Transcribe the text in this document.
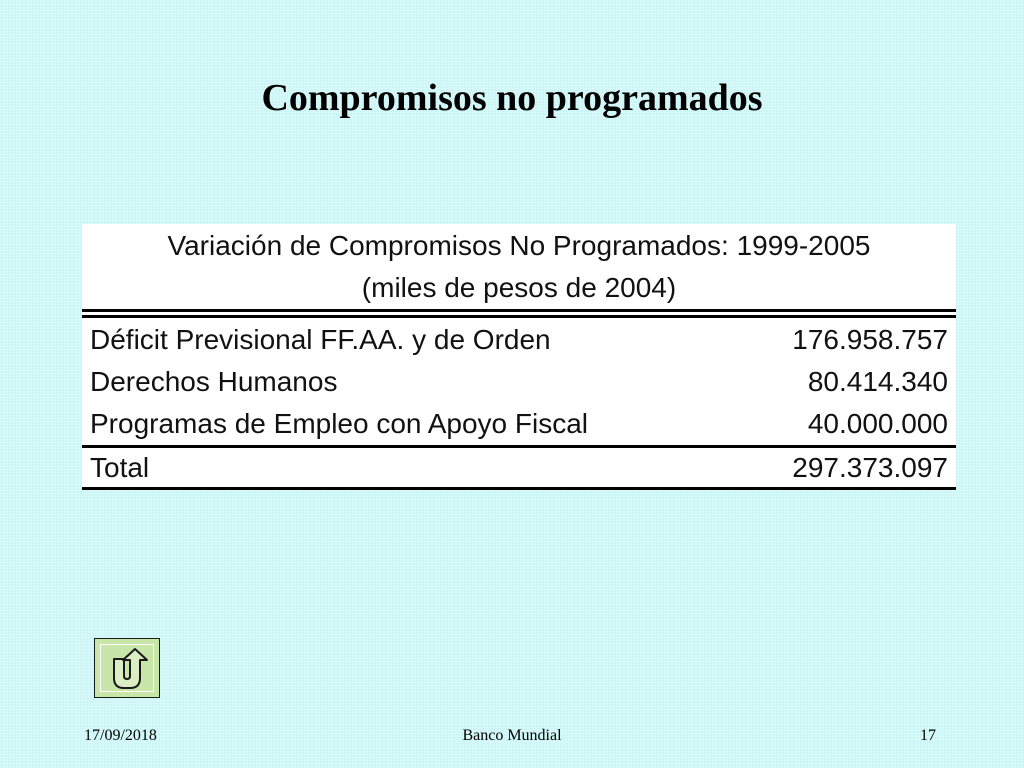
Compromisos no programados
Variación de Compromisos No Programados: 1999-2005
(miles de pesos de 2004)
Déficit Previsional FF.AA. y de Orden	176.958.757
Derechos Humanos	80.414.340
Programas de Empleo con Apoyo Fiscal	40.000.000
Total	297.373.097
17/09/2018	Banco Mundial	17
